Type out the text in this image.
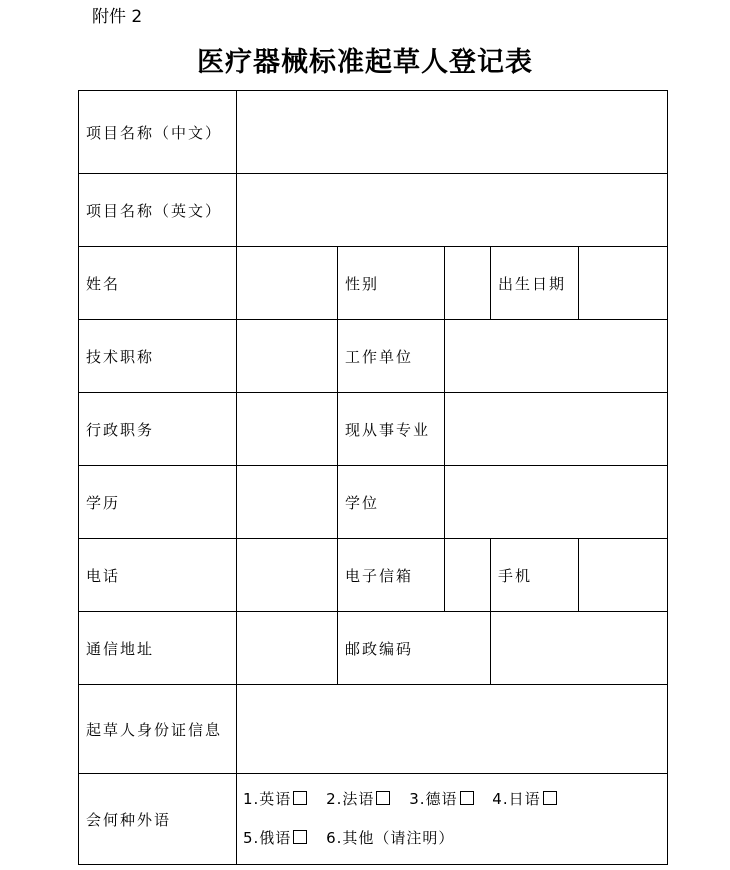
附件 2
医疗器械标准起草人登记表
项目名称（中文）					
项目名称（英文）					
姓名		性别		出生日期	
技术职称		工作单位			
行政职务		现从事专业			
学历		学位			
电话		电子信箱		手机	
通信地址		邮政编码			
起草人身份证信息					
会何种外语	1.英语 2.法语 3.德语 4.日语
5.俄语 6.其他（请注明）				
